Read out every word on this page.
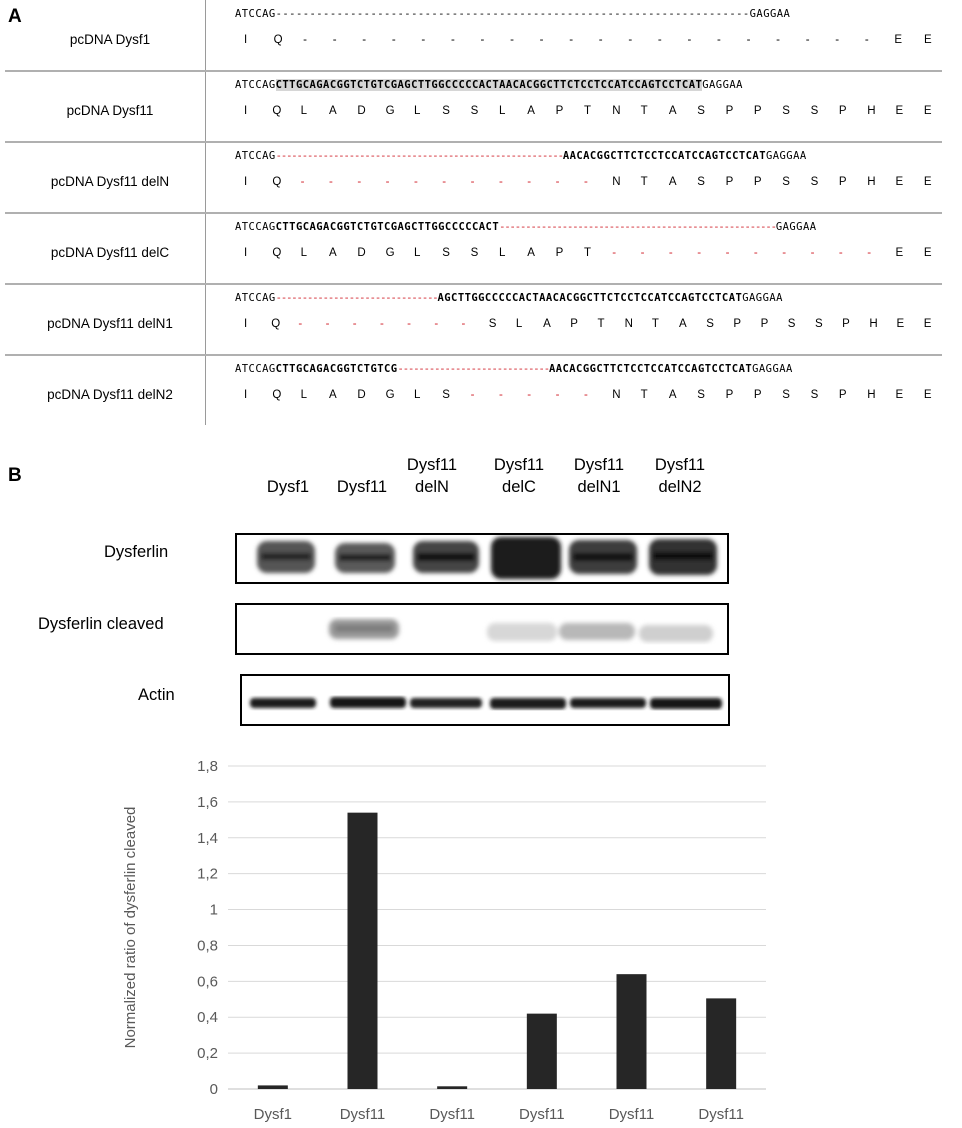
A
pcDNA Dysf1
ATCCAG----------------------------------------------------------------------GAGGAA
I Q - - - - - - - - - - - - - - - - - - - - E E
pcDNA Dysf11
ATCCAGCTTGCAGACGGTCTGTCGAGCTTGGCCCCCACTAACACGGCTTCTCCTCCATCCAGTCCTCATGAGGAA
I Q L A D G L S S L A P T N T A S P P S S P H E E
pcDNA Dysf11 delN
ATCCAG-------------------------------------------------------AACACGGCTTCTCCTCCATCCAGTCCTCATGAGGAA
I Q - - - - - - - - - - - N T A S P P S S P H E E
pcDNA Dysf11 delC
ATCCAGCTTGCAGACGGTCTGTCGAGCTTGGCCCCCACT-----------------------------------------------------GAGGAA
I Q L A D G L S S L A P T - - - - - - - - - - E E
pcDNA Dysf11 delN1
ATCCAG-------------------------------AGCTTGGCCCCCACTAACACGGCTTCTCCTCCATCCAGTCCTCATGAGGAA
I Q - - - - - - - S L A P T N T A S P P S S P H E E
pcDNA Dysf11 delN2
ATCCAGCTTGCAGACGGTCTGTCG-----------------------------AACACGGCTTCTCCTCCATCCAGTCCTCATGAGGAA
I Q L A D G L S - - - - - N T A S P P S S P H E E
B

Dysf1
	Dysf11
Dysf11
delN
Dysf11
delC
Dysf11
delN1
Dysf11
delN2
Dysferlin
Dysferlin cleaved
Actin
0
0,2
0,4
0,6
0,8
1
1,2
1,4
1,6
1,8
Normalized ratio of dysferlin cleaved
Dysf1	Dysf11	Dysf11	Dysf11	Dysf11	Dysf11
